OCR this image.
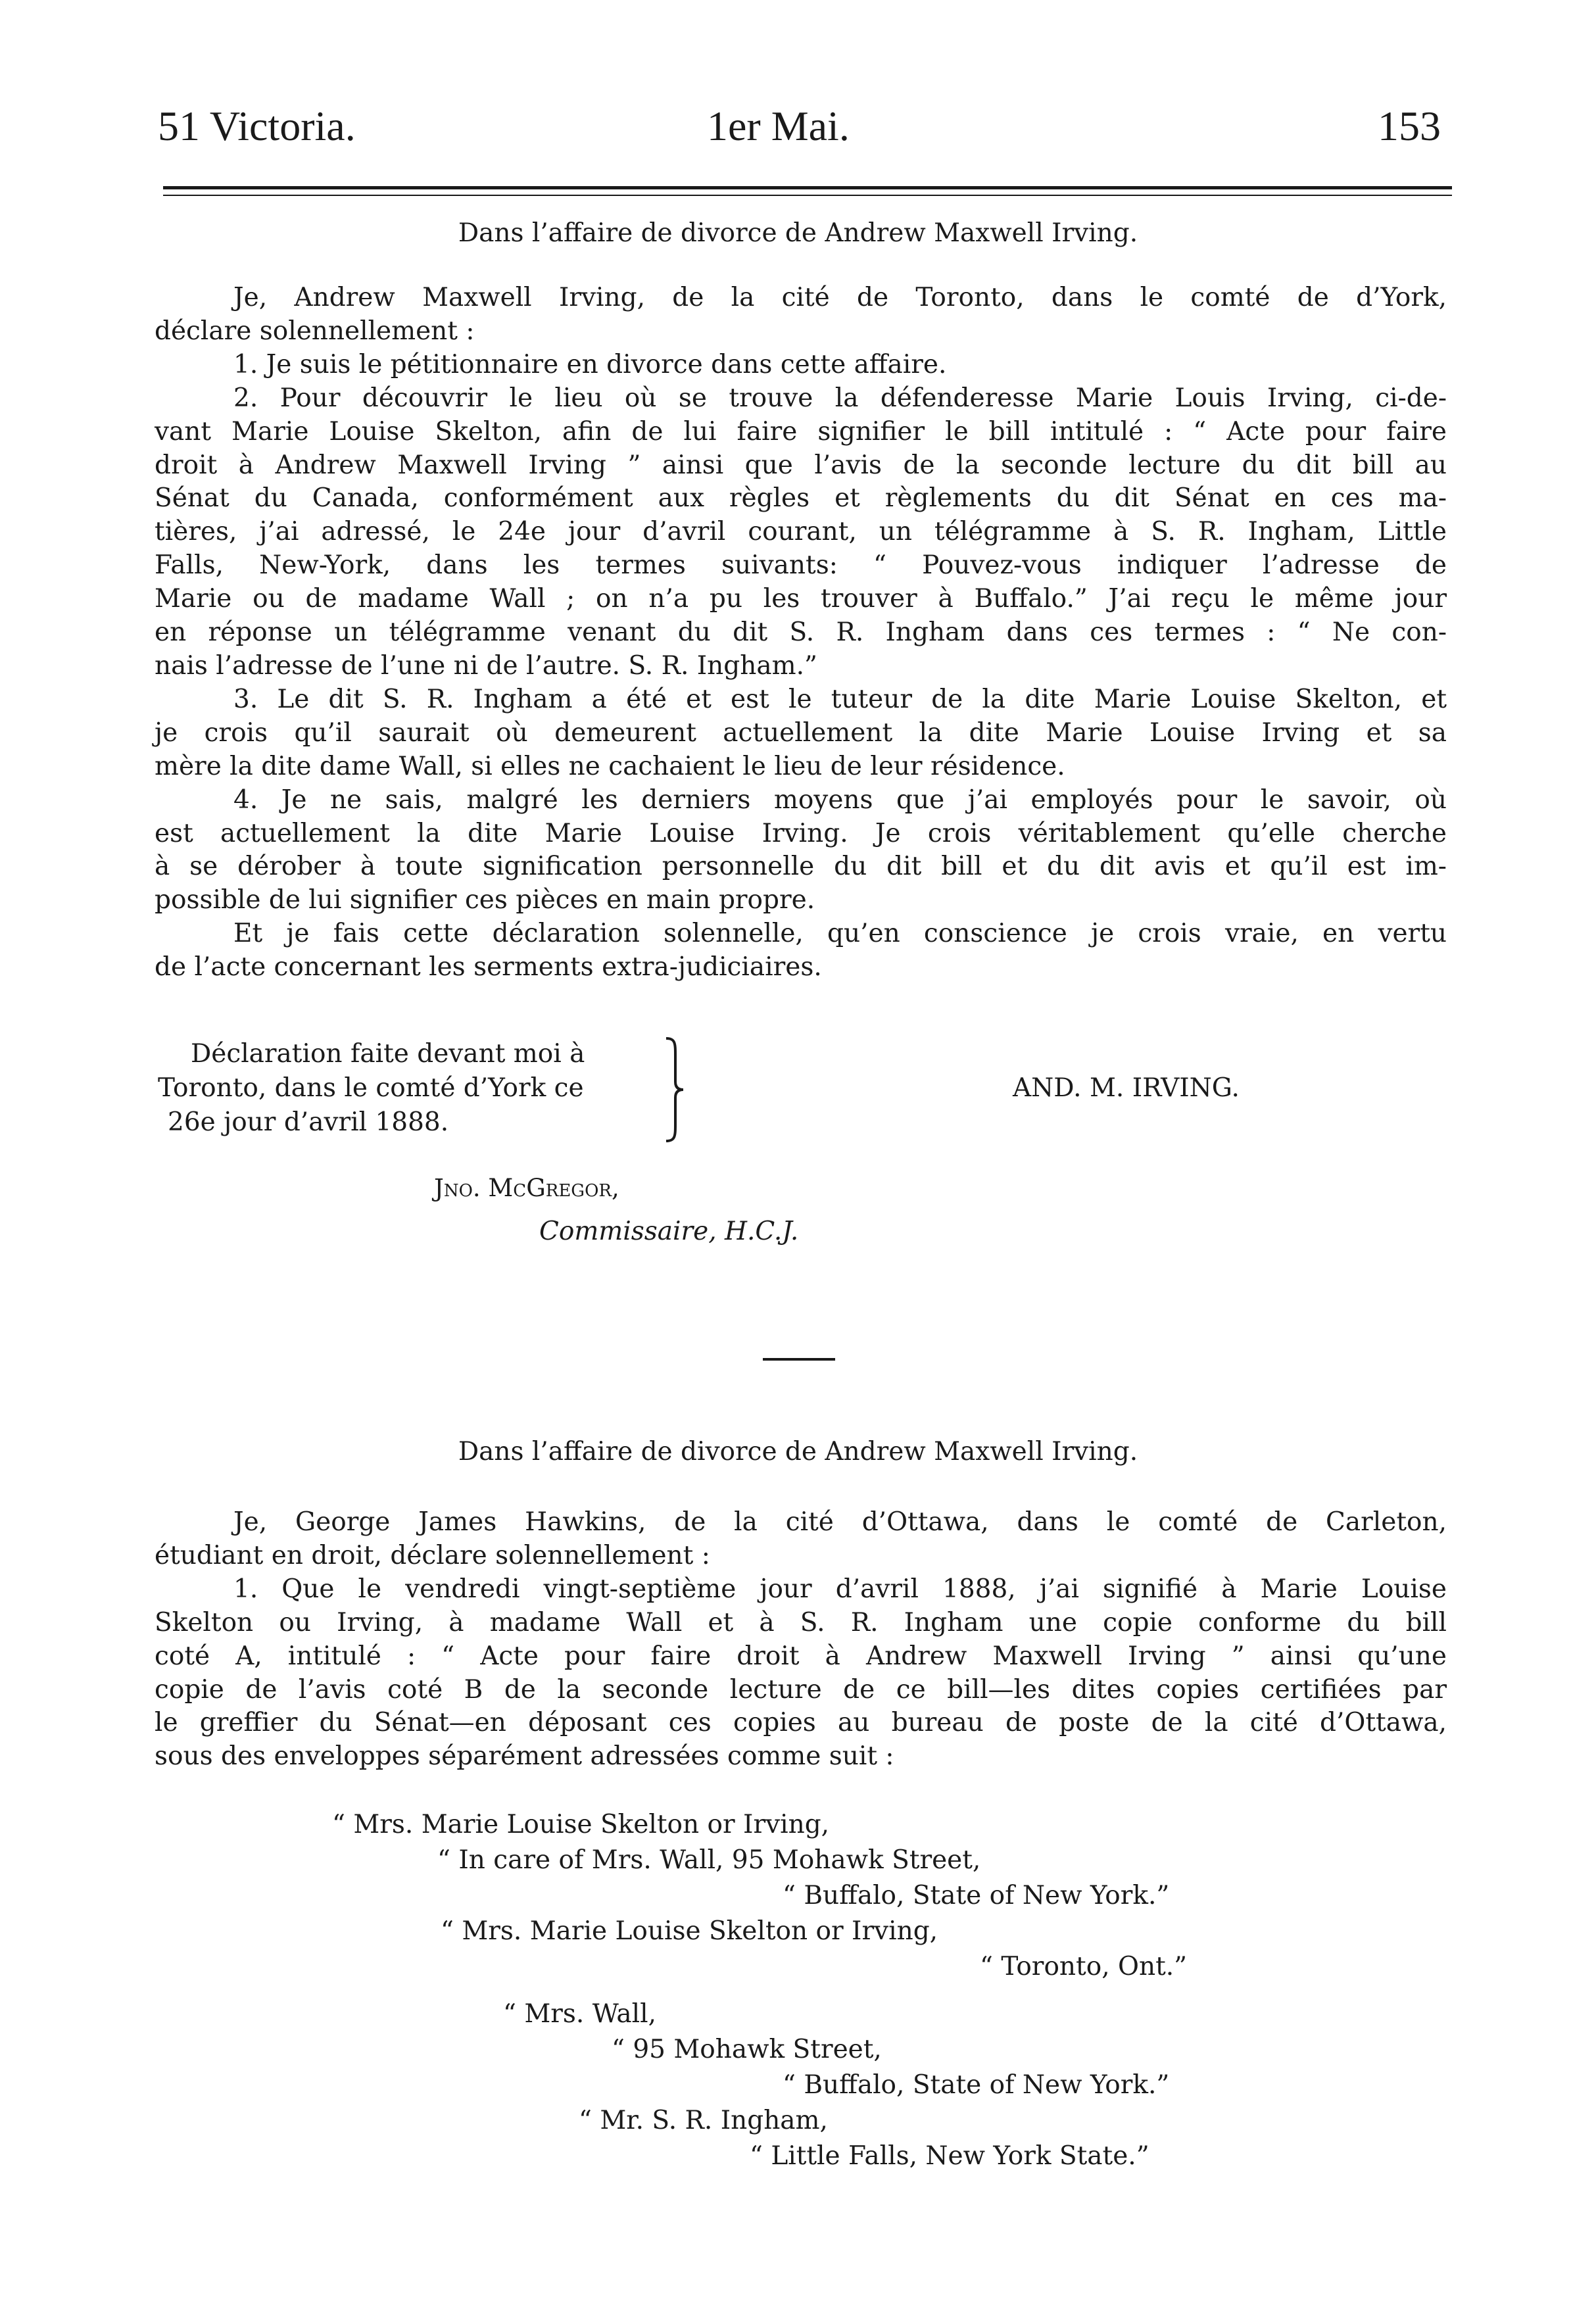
51 Victoria.	1er Mai.	153
Dans l’affaire de divorce de Andrew Maxwell Irving.
Je, Andrew Maxwell Irving, de la cité de Toronto, dans le comté de d’York,
déclare solennellement :
1. Je suis le pétitionnaire en divorce dans cette affaire.
2. Pour découvrir le lieu où se trouve la défenderesse Marie Louis Irving, ci-de-
vant Marie Louise Skelton, afin de lui faire signifier le bill intitulé : “ Acte pour faire
droit à Andrew Maxwell Irving ” ainsi que l’avis de la seconde lecture du dit bill au
Sénat du Canada, conformément aux règles et règlements du dit Sénat en ces ma-
tières, j’ai adressé, le 24e jour d’avril courant, un télégramme à S. R. Ingham, Little
Falls, New-York, dans les termes suivants: “ Pouvez-vous indiquer l’adresse de
Marie ou de madame Wall ; on n’a pu les trouver à Buffalo.” J’ai reçu le même jour
en réponse un télégramme venant du dit S. R. Ingham dans ces termes : “ Ne con-
nais l’adresse de l’une ni de l’autre. S. R. Ingham.”
3. Le dit S. R. Ingham a été et est le tuteur de la dite Marie Louise Skelton, et
je crois qu’il saurait où demeurent actuellement la dite Marie Louise Irving et sa
mère la dite dame Wall, si elles ne cachaient le lieu de leur résidence.
4. Je ne sais, malgré les derniers moyens que j’ai employés pour le savoir, où
est actuellement la dite Marie Louise Irving. Je crois véritablement qu’elle cherche
à se dérober à toute signification personnelle du dit bill et du dit avis et qu’il est im-
possible de lui signifier ces pièces en main propre.
Et je fais cette déclaration solennelle, qu’en conscience je crois vraie, en vertu
de l’acte concernant les serments extra-judiciaires.
Déclaration faite devant moi à
Toronto, dans le comté d’York ce
26e jour d’avril 1888.
AND. M. IRVING.
Jno. McGregor,
Commissaire, H.C.J.
Dans l’affaire de divorce de Andrew Maxwell Irving.
Je, George James Hawkins, de la cité d’Ottawa, dans le comté de Carleton,
étudiant en droit, déclare solennellement :
1. Que le vendredi vingt-septième jour d’avril 1888, j’ai signifié à Marie Louise
Skelton ou Irving, à madame Wall et à S. R. Ingham une copie conforme du bill
coté A, intitulé : “ Acte pour faire droit à Andrew Maxwell Irving ” ainsi qu’une
copie de l’avis coté B de la seconde lecture de ce bill—les dites copies certifiées par
le greffier du Sénat—en déposant ces copies au bureau de poste de la cité d’Ottawa,
sous des enveloppes séparément adressées comme suit :
“ Mrs. Marie Louise Skelton or Irving,
“ In care of Mrs. Wall, 95 Mohawk Street,
“ Buffalo, State of New York.”
“ Mrs. Marie Louise Skelton or Irving,
“ Toronto, Ont.”
“ Mrs. Wall,
“ 95 Mohawk Street,
“ Buffalo, State of New York.”
“ Mr. S. R. Ingham,
“ Little Falls, New York State.”
